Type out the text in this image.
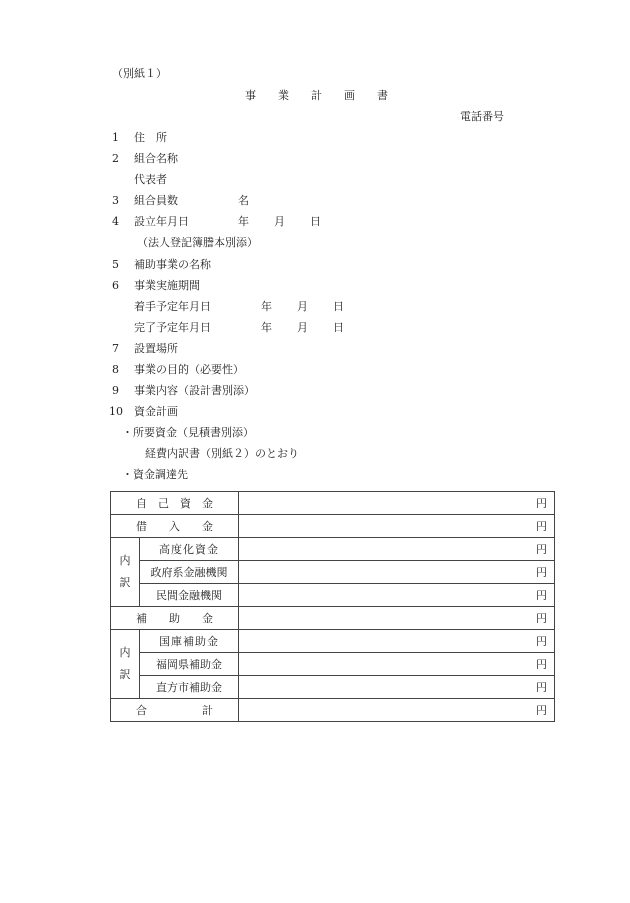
（別紙１）
事　　業　　計　　画　　書
電話番号
1 住　所
2 組合名称
代表者
3 組合員数	名
4 設立年月日	年 月 日
（法人登記簿謄本別添）
5 補助事業の名称
6 事業実施期間
着手予定年月日	年 月 日
完了予定年月日	年 月 日
7 設置場所
8 事業の目的（必要性）
9 事業内容（設計書別添）
10 資金計画
・所要資金（見積書別添）
経費内訳書（別紙２）のとおり
・資金調達先
自　己　資　金		円
借　　入　　金		円
内
訳	高度化資金	円
	政府系金融機関	円
	民間金融機関	円
補　　助　　金		円
内
訳	国庫補助金	円
	福岡県補助金	円
	直方市補助金	円
合　　　　　計		円
